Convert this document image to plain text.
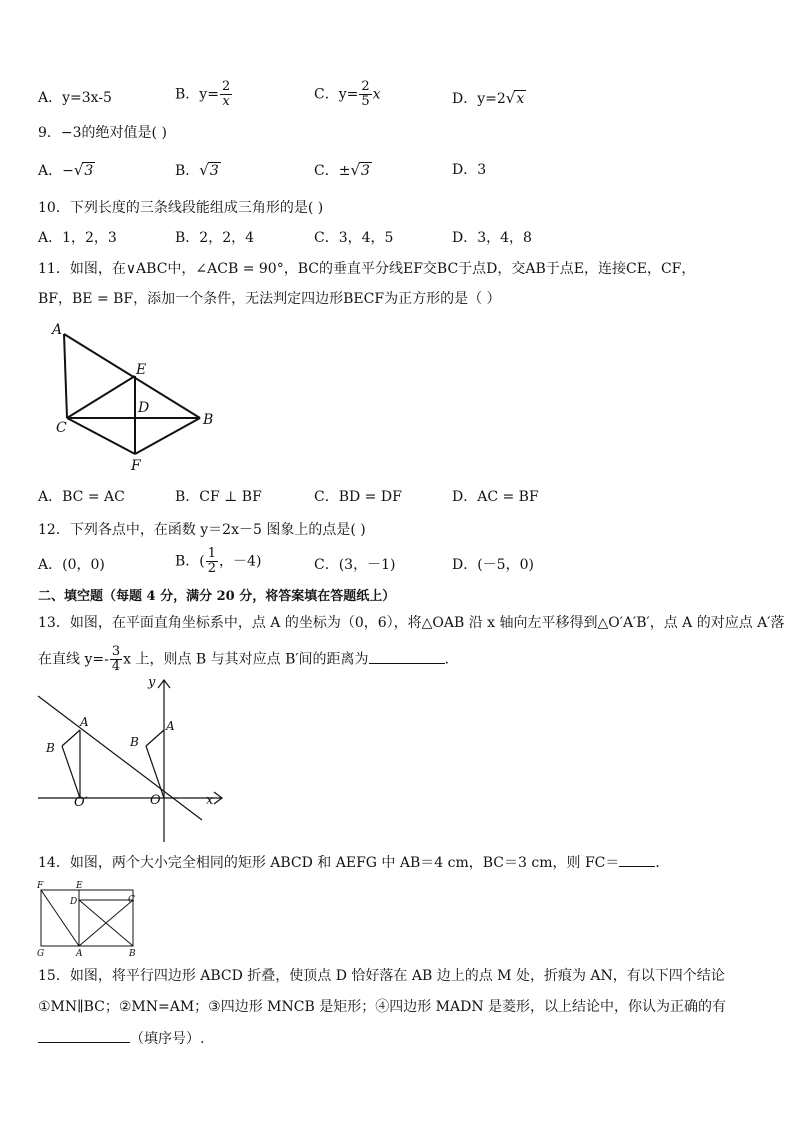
A．y=3x-5	B．$y= \frac{2}{x}$	C．$y= \frac{2}{5}$ x	D．y=2√x
9．−3的绝对值是( )
A．−√3	B．√3	C．±√3	D．3
10．下列长度的三条线段能组成三角形的是( )
A．1，2，3	B．2，2，4	C．3，4，5	D．3，4，8
11．如图，在∨ABC中，∠ACB = 90°，BC的垂直平分线EF交BC于点D，交AB于点E，连接CE，CF，
BF，BE = BF，添加一个条件，无法判定四边形BECF为正方形的是（ ）
A
E
D
B
C
F
A．BC = AC	B．CF ⊥ BF	C．BD = DF	D．AC = BF
12．下列各点中，在函数 y＝2x－5 图象上的点是( )
A．(0，0)	B．( $\frac{1}{2}$ ，－4)	C．(3，－1)	D．(－5，0)
二、填空题（每题 4 分，满分 20 分，将答案填在答题纸上）
13．如图，在平面直角坐标系中，点 A 的坐标为（0，6），将△OAB 沿 x 轴向左平移得到△O′A′B′，点 A 的对应点 A′落
在直线 $y=- \frac{3}{4}$ x 上，则点 B 与其对应点 B′间的距离为	．
y
x
O
O′
A
B
A
B
14．如图，两个大小完全相同的矩形 ABCD 和 AEFG 中 AB＝4 cm，BC＝3 cm，则 FC＝	．
F	E
D	C
G	A	B
15．如图，将平行四边形 ABCD 折叠，使顶点 D 恰好落在 AB 边上的点 M 处，折痕为 AN，有以下四个结论
①MN∥BC；②MN=AM；③四边形 MNCB 是矩形；④四边形 MADN 是菱形，以上结论中，你认为正确的有
（填序号）.
